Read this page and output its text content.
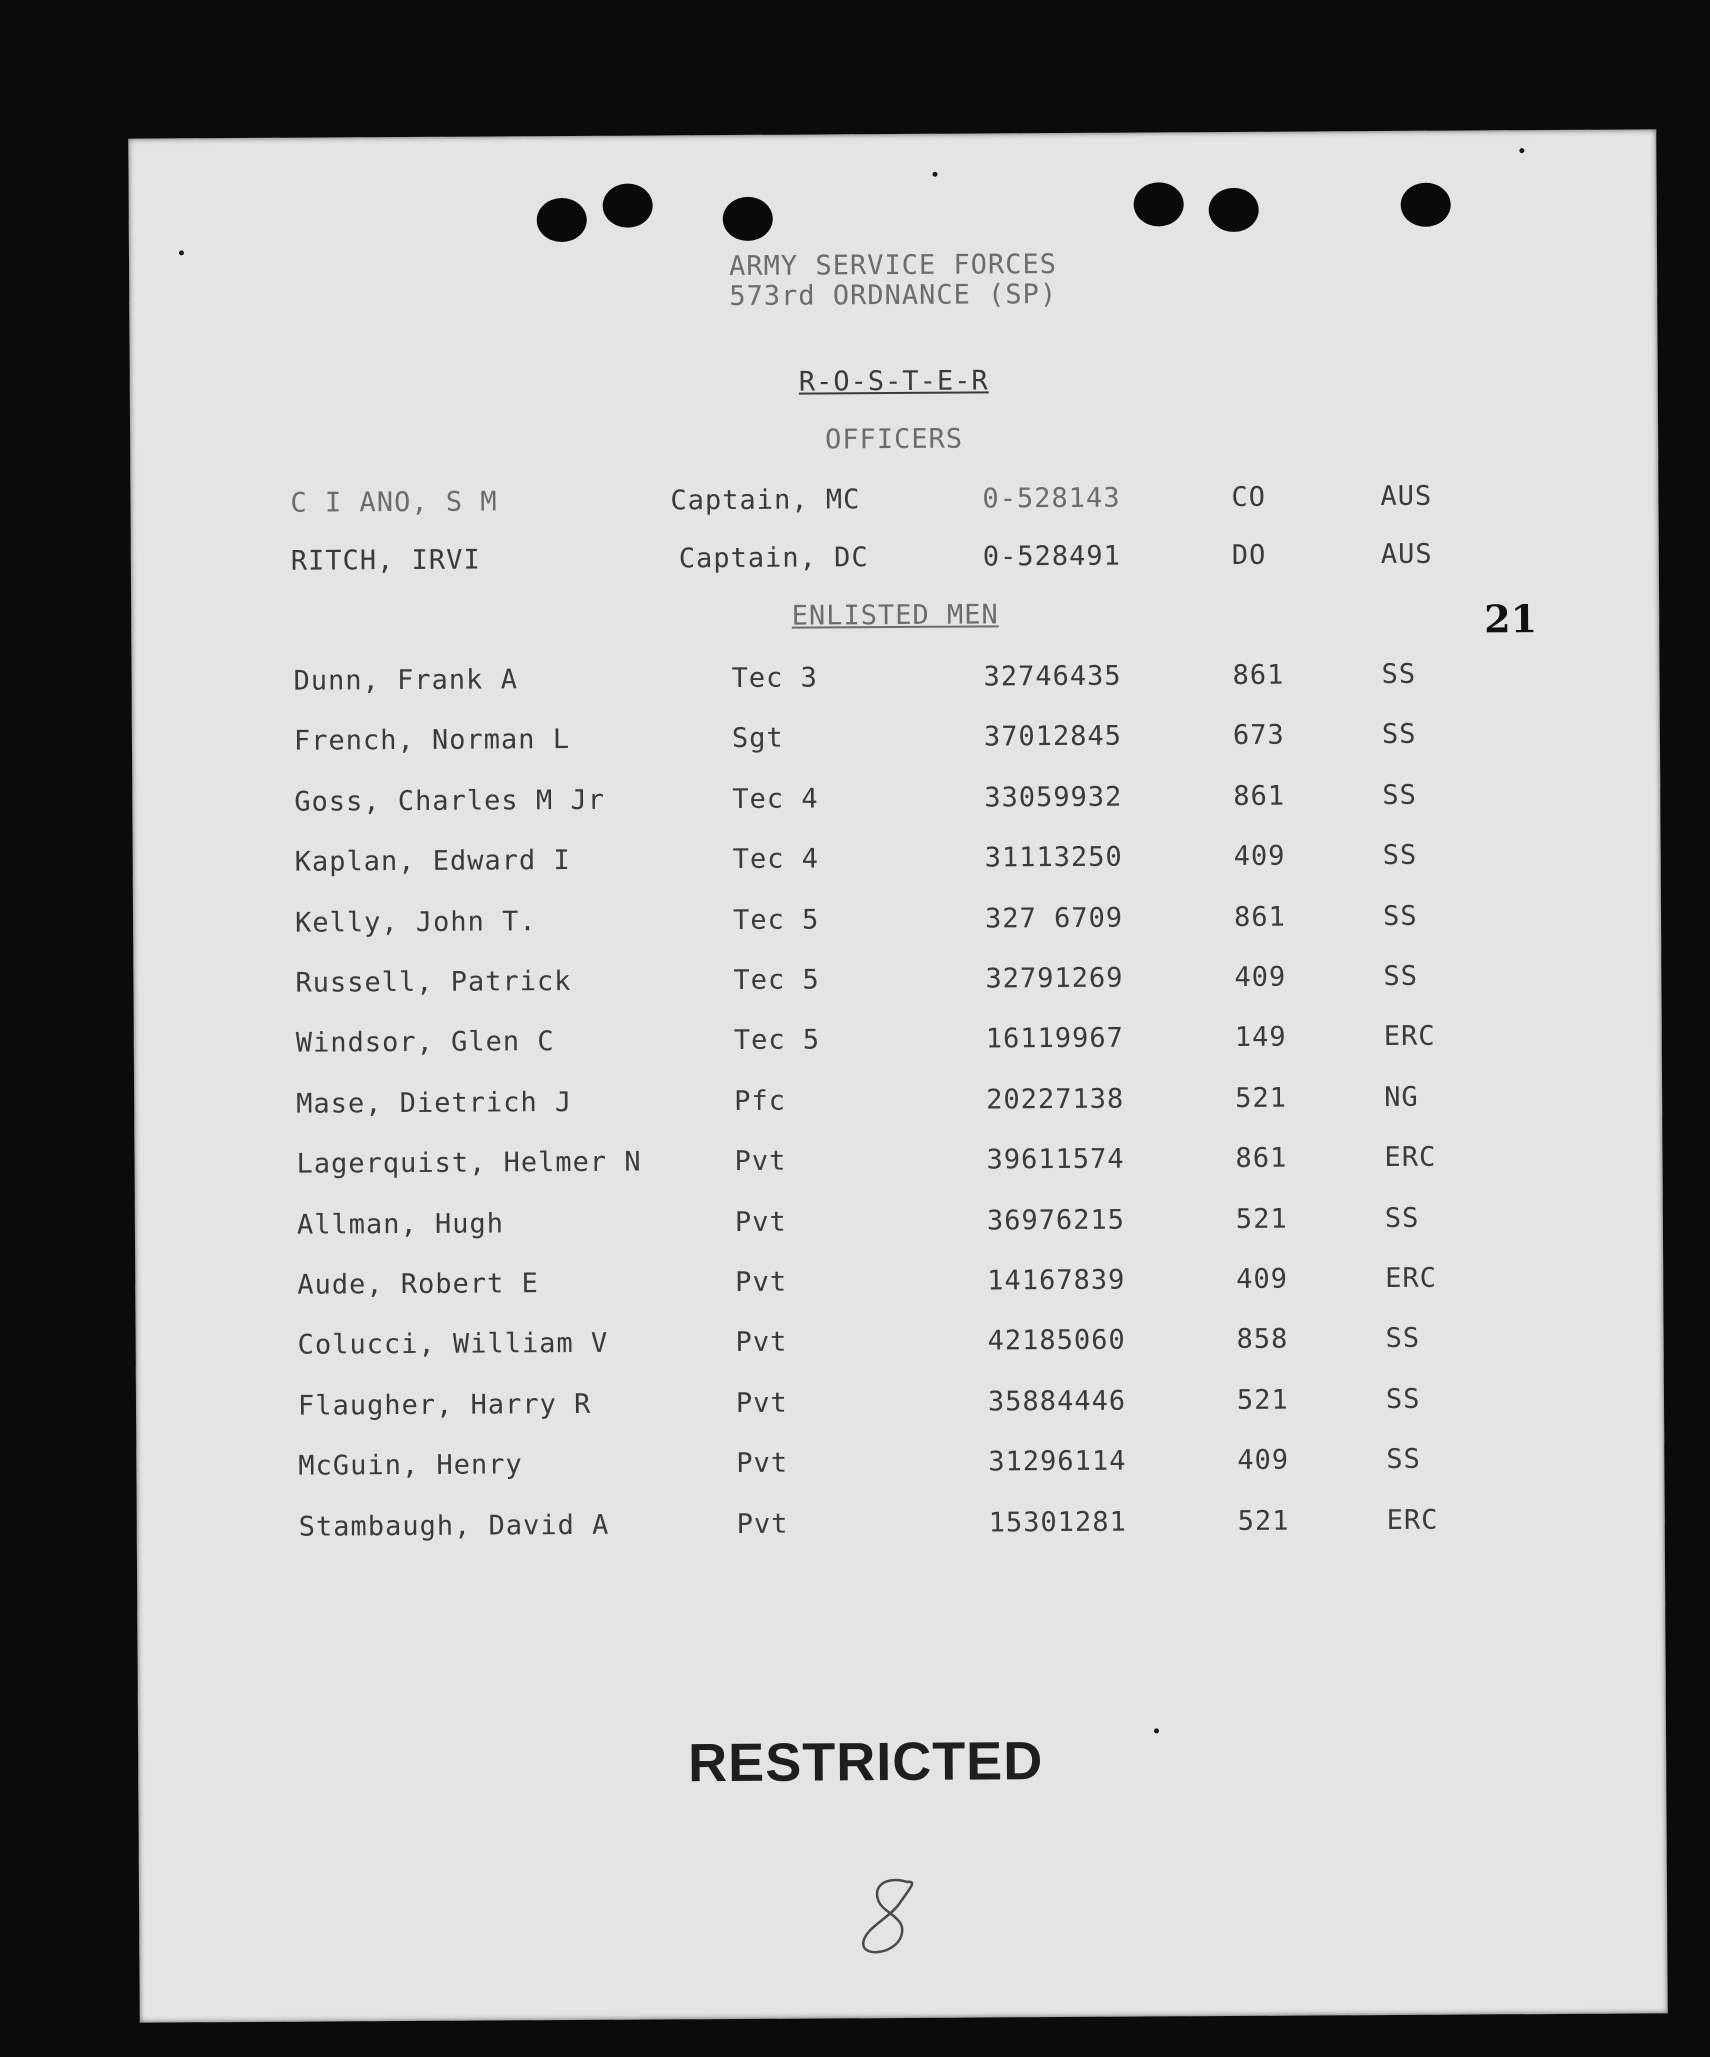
ARMY SERVICE FORCES
573rd ORDNANCE (SP)
R-O-S-T-E-R
OFFICERS
21
C I ANO, S M	Captain, MC	0-528143	CO	AUS
RITCH, IRVI	Captain, DC	0-528491	DO	AUS
ENLISTED MEN
Dunn, Frank A	Tec 3	32746435	861	SS
French, Norman L	Sgt	37012845	673	SS
Goss, Charles M Jr	Tec 4	33059932	861	SS
Kaplan, Edward I	Tec 4	31113250	409	SS
Kelly, John T.	Tec 5	327 6709	861	SS
Russell, Patrick	Tec 5	32791269	409	SS
Windsor, Glen C	Tec 5	16119967	149	ERC
Mase, Dietrich J	Pfc	20227138	521	NG
Lagerquist, Helmer N	Pvt	39611574	861	ERC
Allman, Hugh	Pvt	36976215	521	SS
Aude, Robert E	Pvt	14167839	409	ERC
Colucci, William V	Pvt	42185060	858	SS
Flaugher, Harry R	Pvt	35884446	521	SS
McGuin, Henry	Pvt	31296114	409	SS
Stambaugh, David A	Pvt	15301281	521	ERC
RESTRICTED
